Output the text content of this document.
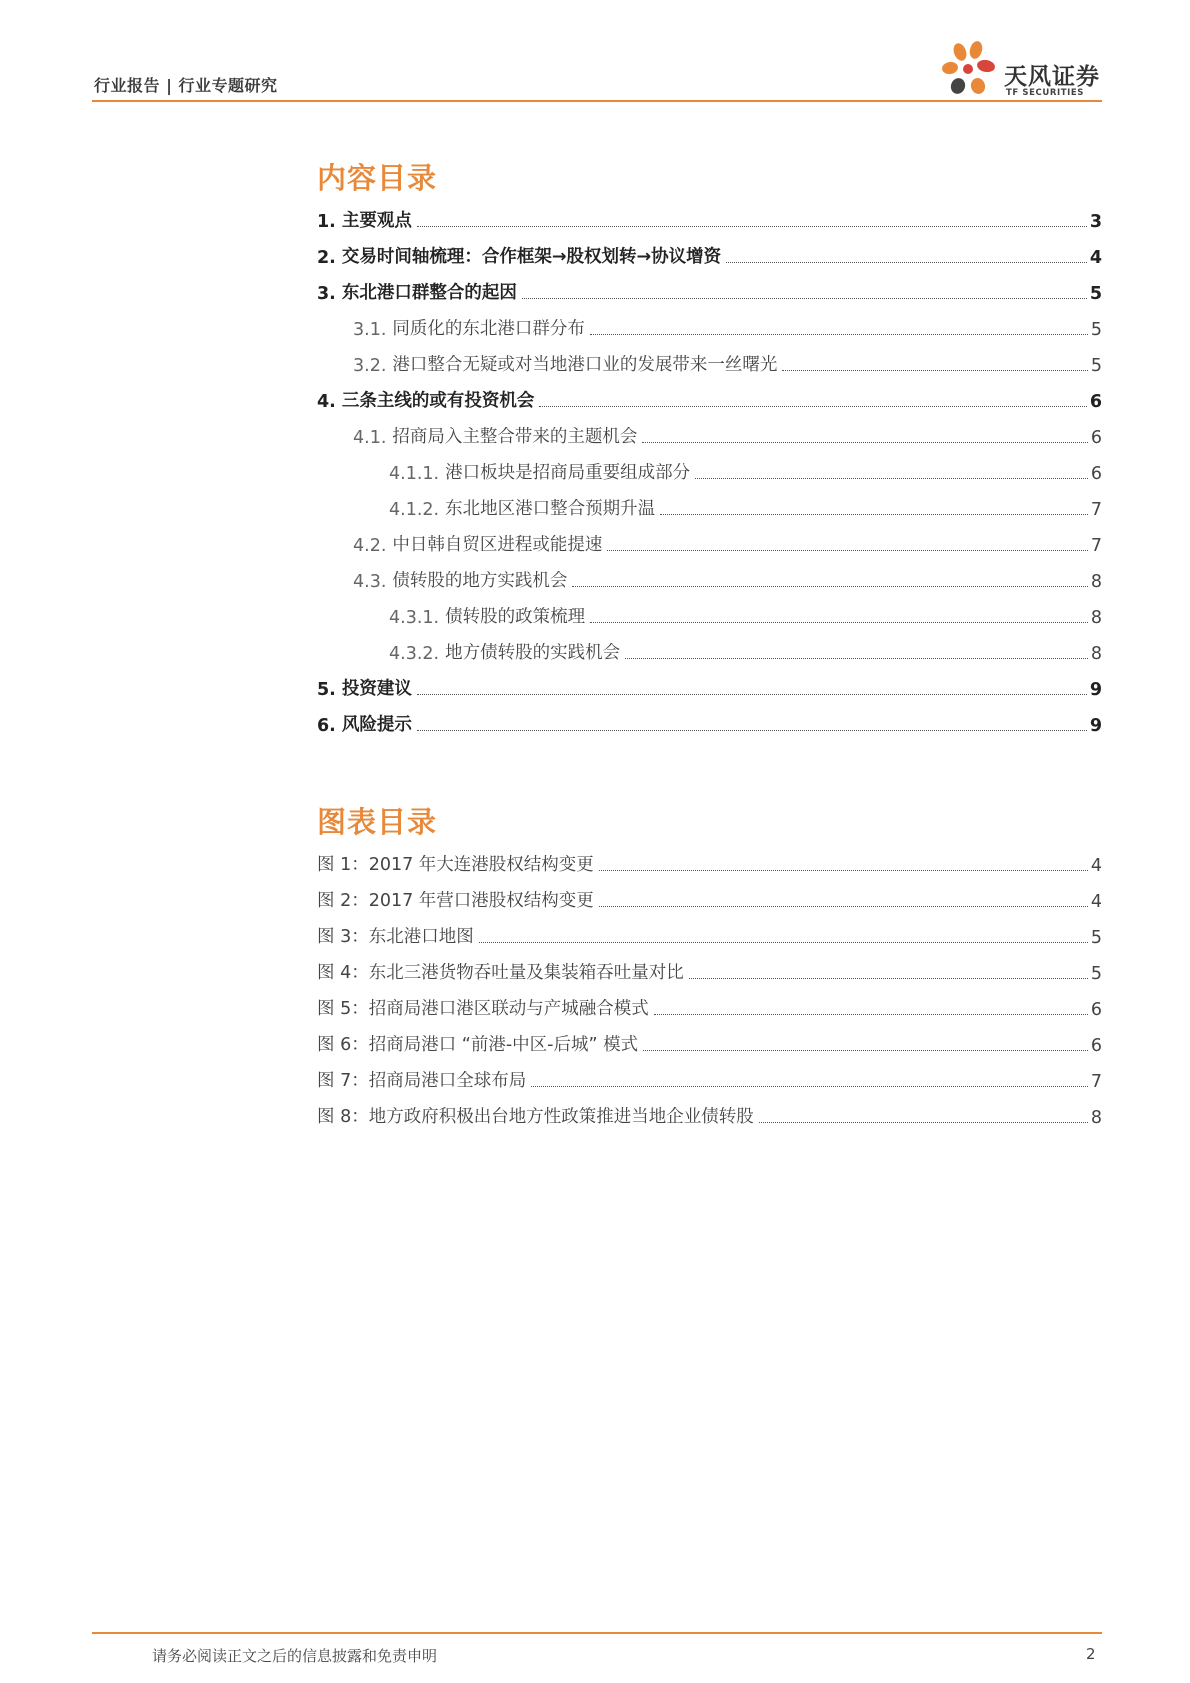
行业报告 | 行业专题研究	天风证券
TF SECURITIES
内容目录
1. 主要观点	3
2. 交易时间轴梳理：合作框架→股权划转→协议增资	4
3. 东北港口群整合的起因	5
3.1. 同质化的东北港口群分布	5
3.2. 港口整合无疑或对当地港口业的发展带来一丝曙光	5
4. 三条主线的或有投资机会	6
4.1. 招商局入主整合带来的主题机会	6
4.1.1. 港口板块是招商局重要组成部分	6
4.1.2. 东北地区港口整合预期升温	7
4.2. 中日韩自贸区进程或能提速	7
4.3. 债转股的地方实践机会	8
4.3.1. 债转股的政策梳理	8
4.3.2. 地方债转股的实践机会	8
5. 投资建议	9
6. 风险提示	9
图表目录
图 1：2017 年大连港股权结构变更	4
图 2：2017 年营口港股权结构变更	4
图 3：东北港口地图	5
图 4：东北三港货物吞吐量及集装箱吞吐量对比	5
图 5：招商局港口港区联动与产城融合模式	6
图 6：招商局港口 “前港-中区-后城” 模式	6
图 7：招商局港口全球布局	7
图 8：地方政府积极出台地方性政策推进当地企业债转股	8
请务必阅读正文之后的信息披露和免责申明	2
